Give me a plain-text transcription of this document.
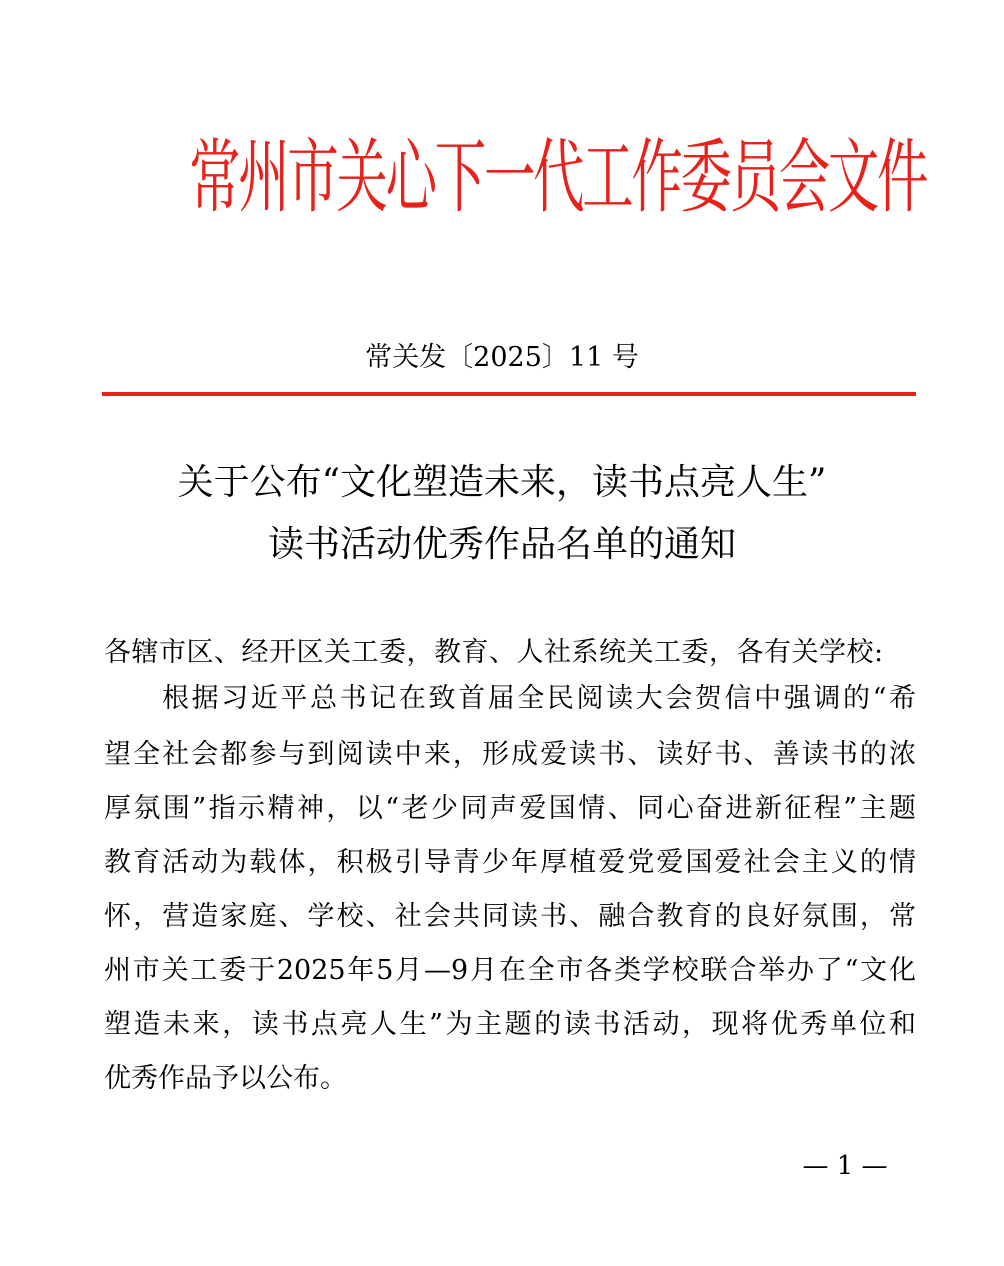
常州市关心下一代工作委员会文件
常关发〔2025〕11 号
关于公布“文化塑造未来，读书点亮人生”
读书活动优秀作品名单的通知
各辖市区、经开区关工委，教育、人社系统关工委，各有关学校:
根据习近平总书记在致首届全民阅读大会贺信中强调的“希
望全社会都参与到阅读中来，形成爱读书、读好书、善读书的浓
厚氛围”指示精神，以“老少同声爱国情、同心奋进新征程”主题
教育活动为载体，积极引导青少年厚植爱党爱国爱社会主义的情
怀，营造家庭、学校、社会共同读书、融合教育的良好氛围，常
州市关工委于2025年5月—9月在全市各类学校联合举办了“文化
塑造未来，读书点亮人生”为主题的读书活动，现将优秀单位和
优秀作品予以公布。
— 1 —
